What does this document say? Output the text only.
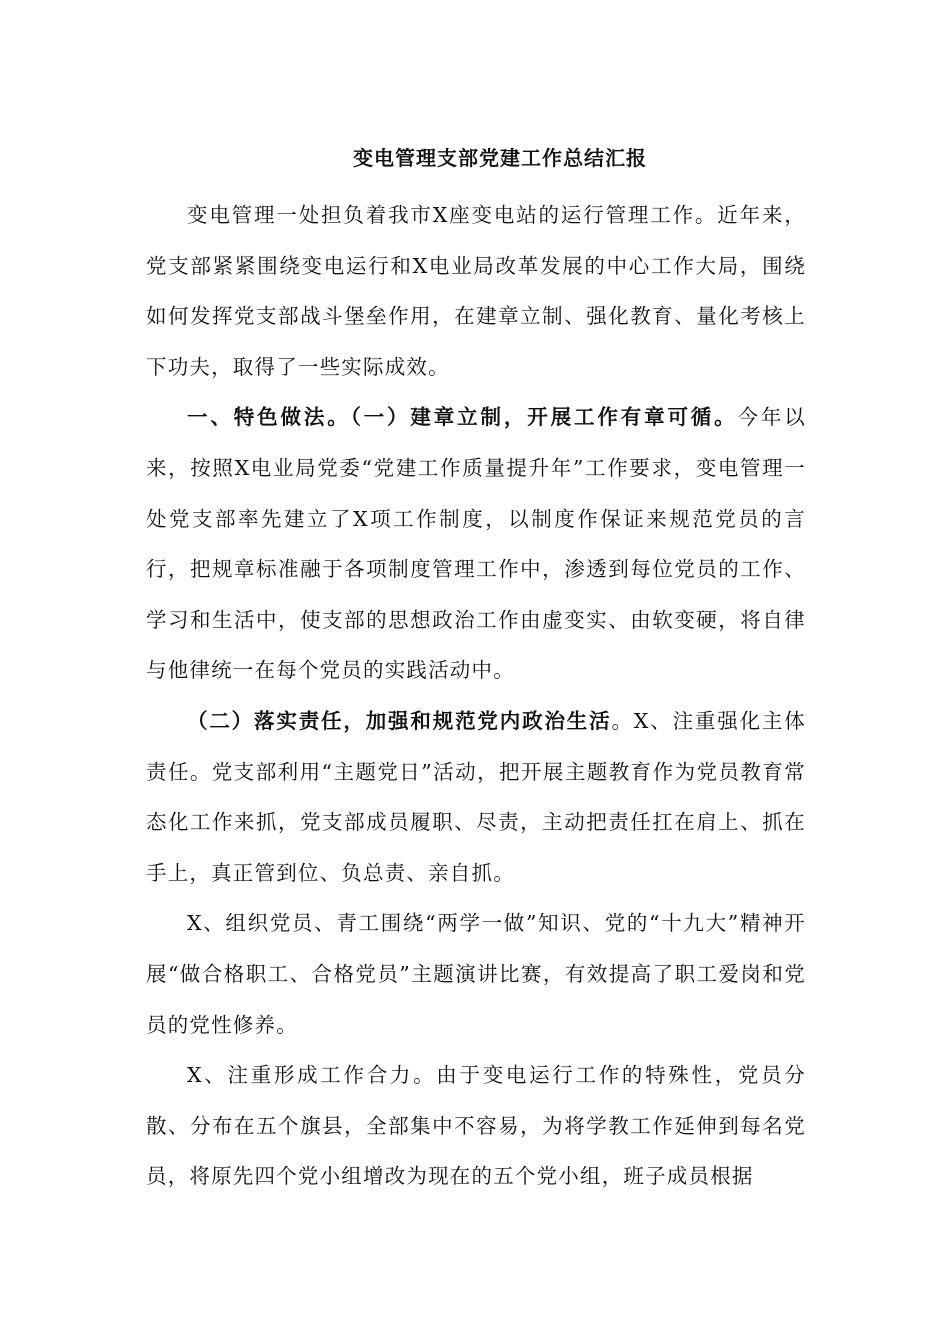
变电管理支部党建工作总结汇报

变电管理一处担负着我市X座变电站的运行管理工作。近年来，党支部紧紧围绕变电运行和X电业局改革发展的中心工作大局，围绕如何发挥党支部战斗堡垒作用，在建章立制、强化教育、量化考核上下功夫，取得了一些实际成效。

一、特色做法。（一）建章立制，开展工作有章可循。今年以来，按照X电业局党委“党建工作质量提升年”工作要求，变电管理一处党支部率先建立了X项工作制度，以制度作保证来规范党员的言行，把规章标准融于各项制度管理工作中，渗透到每位党员的工作、学习和生活中，使支部的思想政治工作由虚变实、由软变硬，将自律与他律统一在每个党员的实践活动中。

（二）落实责任，加强和规范党内政治生活。X、注重强化主体责任。党支部利用“主题党日”活动，把开展主题教育作为党员教育常态化工作来抓，党支部成员履职、尽责，主动把责任扛在肩上、抓在手上，真正管到位、负总责、亲自抓。

X、组织党员、青工围绕“两学一做”知识、党的“十九大”精神开展“做合格职工、合格党员”主题演讲比赛，有效提高了职工爱岗和党员的党性修养。

X、注重形成工作合力。由于变电运行工作的特殊性，党员分散、分布在五个旗县，全部集中不容易，为将学教工作延伸到每名党员，将原先四个党小组增改为现在的五个党小组，班子成员根据
